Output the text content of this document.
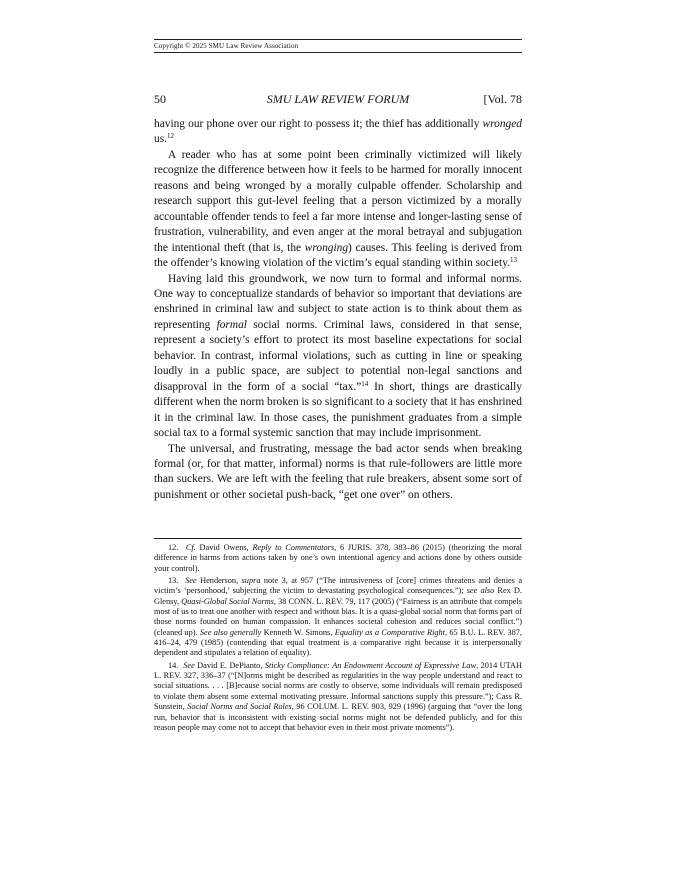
Copyright © 2025 SMU Law Review Association
50	SMU LAW REVIEW FORUM	[Vol. 78

having our phone over our right to possess it; the thief has additionally wronged us.$^{12}$

A reader who has at some point been criminally victimized will likely recognize the difference between how it feels to be harmed for morally innocent reasons and being wronged by a morally culpable offender. Scholarship and research support this gut-level feeling that a person victimized by a morally accountable offender tends to feel a far more intense and longer-lasting sense of frustration, vulnerability, and even anger at the moral betrayal and subjugation the intentional theft (that is, the wronging) causes. This feeling is derived from the offender’s knowing violation of the victim’s equal standing within society.$^{13}$

Having laid this groundwork, we now turn to formal and informal norms. One way to conceptualize standards of behavior so important that deviations are enshrined in criminal law and subject to state action is to think about them as representing formal social norms. Criminal laws, considered in that sense, represent a society’s effort to protect its most baseline expectations for social behavior. In contrast, informal violations, such as cutting in line or speaking loudly in a public space, are subject to potential non-legal sanctions and disapproval in the form of a social “tax.”$^{14}$ In short, things are drastically different when the norm broken is so significant to a society that it has enshrined it in the criminal law. In those cases, the punishment graduates from a simple social tax to a formal systemic sanction that may include imprisonment.

The universal, and frustrating, message the bad actor sends when breaking formal (or, for that matter, informal) norms is that rule-followers are little more than suckers. We are left with the feeling that rule breakers, absent some sort of punishment or other societal push-back, “get one over” on others.

12. Cf. David Owens, Reply to Commentators, 6 JURIS. 378, 383–86 (2015) (theorizing the moral difference in harms from actions taken by one’s own intentional agency and actions done by others outside your control).

13. See Henderson, supra note 3, at 957 (“The intrusiveness of [core] crimes threatens and denies a victim’s ‘personhood,’ subjecting the victim to devastating psychological consequences.”); see also Rex D. Glensy, Quasi-Global Social Norms, 38 CONN. L. REV. 79, 117 (2005) (“Fairness is an attribute that compels most of us to treat one another with respect and without bias. It is a quasi-global social norm that forms part of those norms founded on human compassion. It enhances societal cohesion and reduces social conflict.”) (cleaned up). See also generally Kenneth W. Simons, Equality as a Comparative Right, 65 B.U. L. REV. 387, 416–24, 479 (1985) (contending that equal treatment is a comparative right because it is interpersonally dependent and stipulates a relation of equality).

14. See David E. DePianto, Sticky Compliance: An Endowment Account of Expressive Law, 2014 UTAH L. REV. 327, 336–37 (“[N]orms might be described as regularities in the way people understand and react to social situations. . . . [B]ecause social norms are costly to observe, some individuals will remain predisposed to violate them absent some external motivating pressure. Informal sanctions supply this pressure.”); Cass R. Sunstein, Social Norms and Social Roles, 96 COLUM. L. REV. 903, 929 (1996) (arguing that “over the long run, behavior that is inconsistent with existing social norms might not be defended publicly, and for this reason people may come not to accept that behavior even in their most private moments”).
